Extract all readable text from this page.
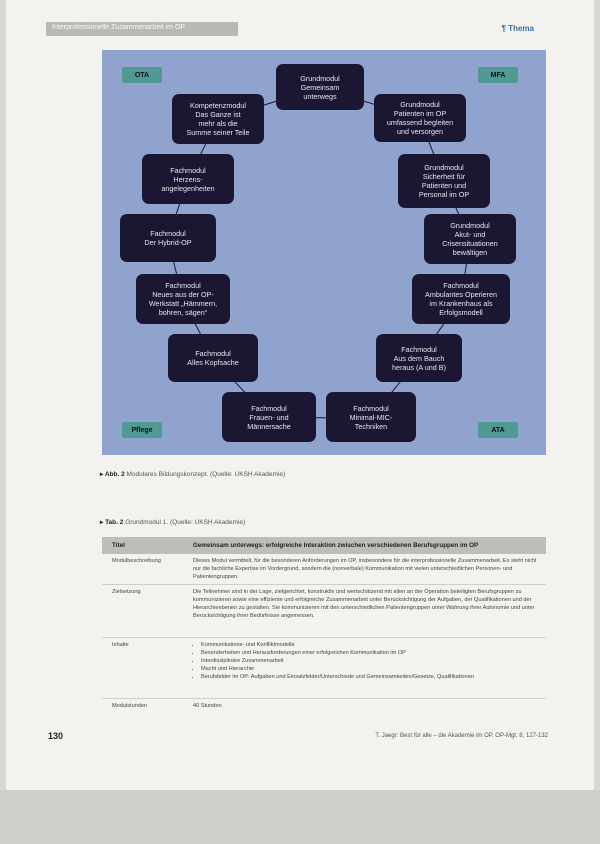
Interprofessionelle Zusammenarbeit im OP	¶ Thema
OTA	MFA
Pflege	ATA
Grundmodul
Gemeinsam
unterwegs
Grundmodul
Patienten im OP
umfassend begleiten
und versorgen
Grundmodul
Sicherheit für
Patienten und
Personal im OP
Grundmodul
Akut- und
Crisensituationen
bewältigen
Fachmodul
Ambulantes Operieren
im Krankenhaus als
Erfolgsmodell
Fachmodul
Aus dem Bauch
heraus (A und B)
Fachmodul
Minimal-MIC-
Techniken
Fachmodul
Frauen- und
Männersache
Fachmodul
Alles Kopfsache
Fachmodul
Neues aus der OP-
Werkstatt „Hämmern,
bohren, sägen“
Fachmodul
Der Hybrid-OP
Fachmodul
Herzens-
angelegenheiten
Kompetenzmodul
Das Ganze ist
mehr als die
Summe seiner Teile
▸ Abb. 2 Modulares Bildungskonzept. (Quelle: UKSH Akademie)
▸ Tab. 2 Grundmodul 1. (Quelle: UKSH Akademie)
Titel	Gemeinsam unterwegs: erfolgreiche Interaktion zwischen verschiedenen Berufsgruppen im OP
Modulbeschreibung	Dieses Modul vermittelt, für die besonderen Anforderungen im OP, insbesondere für die interprofessionelle Zusammenarbeit. Es steht nicht nur die fachliche Expertise im Vordergrund, sondern die (nonverbale) Kommunikation mit vielen unterschiedlichen Personen- und Patientengruppen.
Zielsetzung	Die Teilnehmer sind in der Lage, zielgerichtet, konstruktiv und wertschätzend mit allen an der Operation beteiligten Berufsgruppen zu kommunizieren sowie eine effiziente und erfolgreiche Zusammenarbeit unter Berücksichtigung der Aufgaben, der Qualifikationen und der Hierarchieebenen zu gestalten. Sie kommunizieren mit den unterschiedlichen Patientengruppen unter Wahrung ihrer Autonomie und unter Berücksichtigung ihrer Bedürfnisse angemessen.
Inhalte
•	Kommunikations- und Konfliktmodelle
• Besonderheiten und Herausforderungen einer erfolgreichen Kommunikation im OP
• Interdisziplinäre Zusammenarbeit
• Macht und Hierarchie
• Berufsbilder im OP: Aufgaben und Einsatzfelder/Unterschiede und Gemeinsamkeiten/Gesetze, Qualifikationen
Modulstunden	40 Stunden
130	T. Jaegr: Best für alle – die Akademie im OP. OP-Mgt. 8, 127-132
